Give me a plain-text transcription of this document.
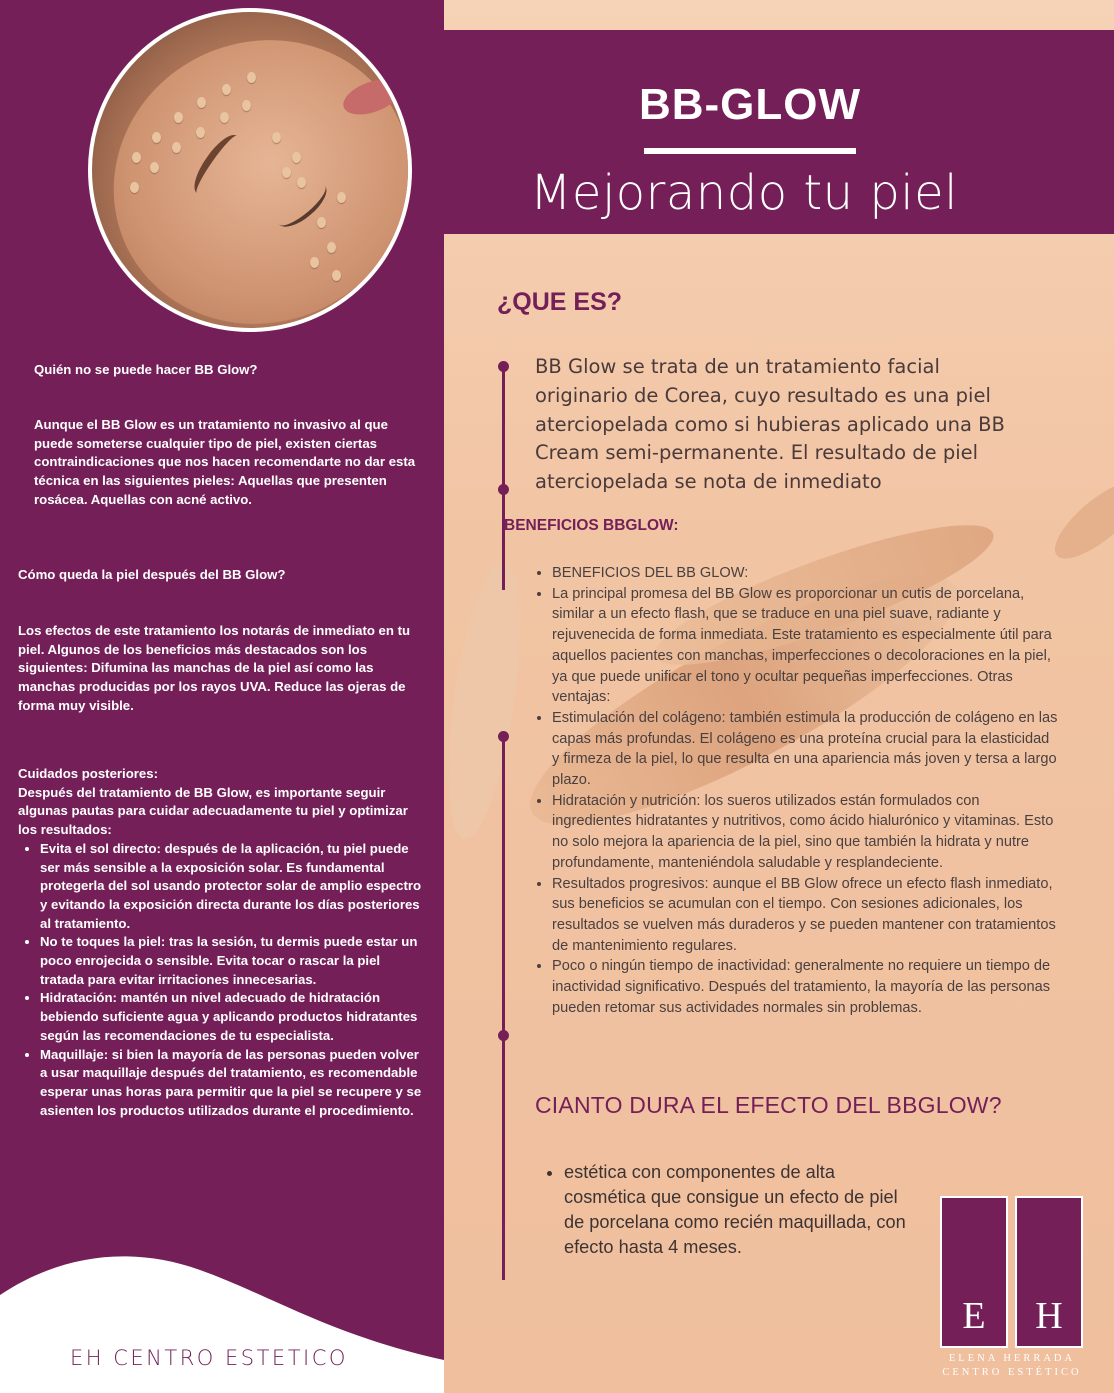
BB-GLOW
Mejorando tu piel
Quién no se puede hacer BB Glow?
Aunque el BB Glow es un tratamiento no invasivo al que puede someterse cualquier tipo de piel, existen ciertas contraindicaciones que nos hacen recomendarte no dar esta técnica en las siguientes pieles: Aquellas que presenten rosácea. Aquellas con acné activo.
Cómo queda la piel después del BB Glow?
Los efectos de este tratamiento los notarás de inmediato en tu piel. Algunos de los beneficios más destacados son los siguientes: Difumina las manchas de la piel así como las manchas producidas por los rayos UVA. Reduce las ojeras de forma muy visible.
Cuidados posteriores:
Después del tratamiento de BB Glow, es importante seguir algunas pautas para cuidar adecuadamente tu piel y optimizar los resultados:
• Evita el sol directo: después de la aplicación, tu piel puede ser más sensible a la exposición solar. Es fundamental protegerla del sol usando protector solar de amplio espectro y evitando la exposición directa durante los días posteriores al tratamiento.
• No te toques la piel: tras la sesión, tu dermis puede estar un poco enrojecida o sensible. Evita tocar o rascar la piel tratada para evitar irritaciones innecesarias.
• Hidratación: mantén un nivel adecuado de hidratación bebiendo suficiente agua y aplicando productos hidratantes según las recomendaciones de tu especialista.
• Maquillaje: si bien la mayoría de las personas pueden volver a usar maquillaje después del tratamiento, es recomendable esperar unas horas para permitir que la piel se recupere y se asienten los productos utilizados durante el procedimiento.
EH CENTRO ESTETICO
¿QUE ES?
BB Glow se trata de un tratamiento facial originario de Corea, cuyo resultado es una piel aterciopelada como si hubieras aplicado una BB Cream semi-permanente. El resultado de piel aterciopelada se nota de inmediato
BENEFICIOS BBGLOW:
• BENEFICIOS DEL BB GLOW:
• La principal promesa del BB Glow es proporcionar un cutis de porcelana, similar a un efecto flash, que se traduce en una piel suave, radiante y rejuvenecida de forma inmediata. Este tratamiento es especialmente útil para aquellos pacientes con manchas, imperfecciones o decoloraciones en la piel, ya que puede unificar el tono y ocultar pequeñas imperfecciones. Otras ventajas:
• Estimulación del colágeno: también estimula la producción de colágeno en las capas más profundas. El colágeno es una proteína crucial para la elasticidad y firmeza de la piel, lo que resulta en una apariencia más joven y tersa a largo plazo.
• Hidratación y nutrición: los sueros utilizados están formulados con ingredientes hidratantes y nutritivos, como ácido hialurónico y vitaminas. Esto no solo mejora la apariencia de la piel, sino que también la hidrata y nutre profundamente, manteniéndola saludable y resplandeciente.
• Resultados progresivos: aunque el BB Glow ofrece un efecto flash inmediato, sus beneficios se acumulan con el tiempo. Con sesiones adicionales, los resultados se vuelven más duraderos y se pueden mantener con tratamientos de mantenimiento regulares.
• Poco o ningún tiempo de inactividad: generalmente no requiere un tiempo de inactividad significativo. Después del tratamiento, la mayoría de las personas pueden retomar sus actividades normales sin problemas.
CIANTO DURA EL EFECTO DEL BBGLOW?
• estética con componentes de alta cosmética que consigue un efecto de piel de porcelana como recién maquillada, con efecto hasta 4 meses.
E	H
ELENA HERRADA
CENTRO ESTÉTICO
